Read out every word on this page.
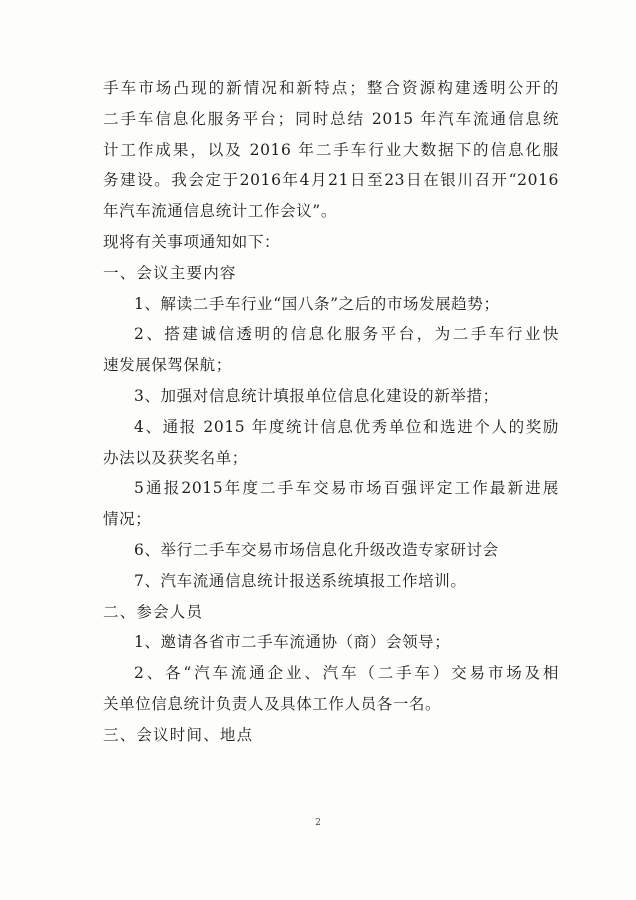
手车市场凸现的新情况和新特点；整合资源构建透明公开的
二手车信息化服务平台；同时总结 2015 年汽车流通信息统
计工作成果，以及 2016 年二手车行业大数据下的信息化服
务建设。我会定于2016年4月21日至23日在银川召开“2016
年汽车流通信息统计工作会议”。
现将有关事项通知如下：
一、会议主要内容
1、解读二手车行业“国八条”之后的市场发展趋势；
2、搭建诚信透明的信息化服务平台，为二手车行业快
速发展保驾保航；
3、加强对信息统计填报单位信息化建设的新举措；
4、通报 2015 年度统计信息优秀单位和选进个人的奖励
办法以及获奖名单；
5通报2015年度二手车交易市场百强评定工作最新进展
情况；
6、举行二手车交易市场信息化升级改造专家研讨会
7、汽车流通信息统计报送系统填报工作培训。
二、参会人员
1、邀请各省市二手车流通协（商）会领导；
2、各“汽车流通企业、汽车（二手车）交易市场及相
关单位信息统计负责人及具体工作人员各一名。
三、会议时间、地点
2
